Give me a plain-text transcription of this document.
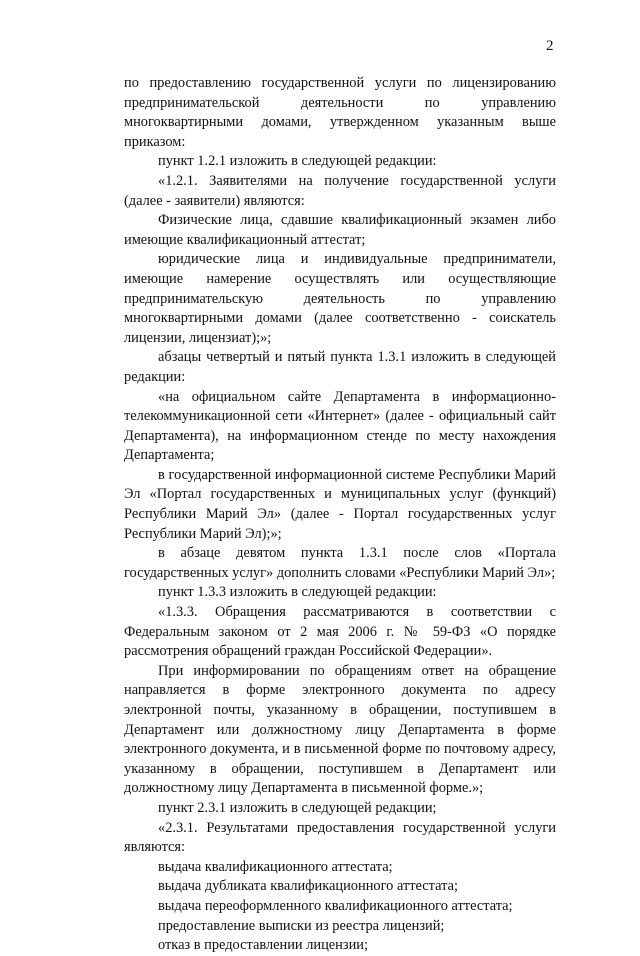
2

по предоставлению государственной услуги по лицензированию предпринимательской деятельности по управлению многоквартирными домами, утвержденном указанным выше приказом:

пункт 1.2.1 изложить в следующей редакции:

«1.2.1. Заявителями на получение государственной услуги (далее - заявители) являются:

Физические лица, сдавшие квалификационный экзамен либо имеющие квалификационный аттестат;

юридические лица и индивидуальные предприниматели, имеющие намерение осуществлять или осуществляющие предпринимательскую деятельность по управлению многоквартирными домами (далее соответственно - соискатель лицензии, лицензиат);»;

абзацы четвертый и пятый пункта 1.3.1 изложить в следующей редакции:

«на официальном сайте Департамента в информационно-телекоммуникационной сети «Интернет» (далее - официальный сайт Департамента), на информационном стенде по месту нахождения Департамента;

в государственной информационной системе Республики Марий Эл «Портал государственных и муниципальных услуг (функций) Республики Марий Эл» (далее - Портал государственных услуг Республики Марий Эл);»;

в абзаце девятом пункта 1.3.1 после слов «Портала государственных услуг» дополнить словами «Республики Марий Эл»;

пункт 1.3.3 изложить в следующей редакции:

«1.3.3. Обращения рассматриваются в соответствии с Федеральным законом от 2 мая 2006 г. № 59-ФЗ «О порядке рассмотрения обращений граждан Российской Федерации».

При информировании по обращениям ответ на обращение направляется в форме электронного документа по адресу электронной почты, указанному в обращении, поступившем в Департамент или должностному лицу Департамента в форме электронного документа, и в письменной форме по почтовому адресу, указанному в обращении, поступившем в Департамент или должностному лицу Департамента в письменной форме.»;

пункт 2.3.1 изложить в следующей редакции;

«2.3.1. Результатами предоставления государственной услуги являются:

выдача квалификационного аттестата;

выдача дубликата квалификационного аттестата;

выдача переоформленного квалификационного аттестата;

предоставление выписки из реестра лицензий;

отказ в предоставлении лицензии;
